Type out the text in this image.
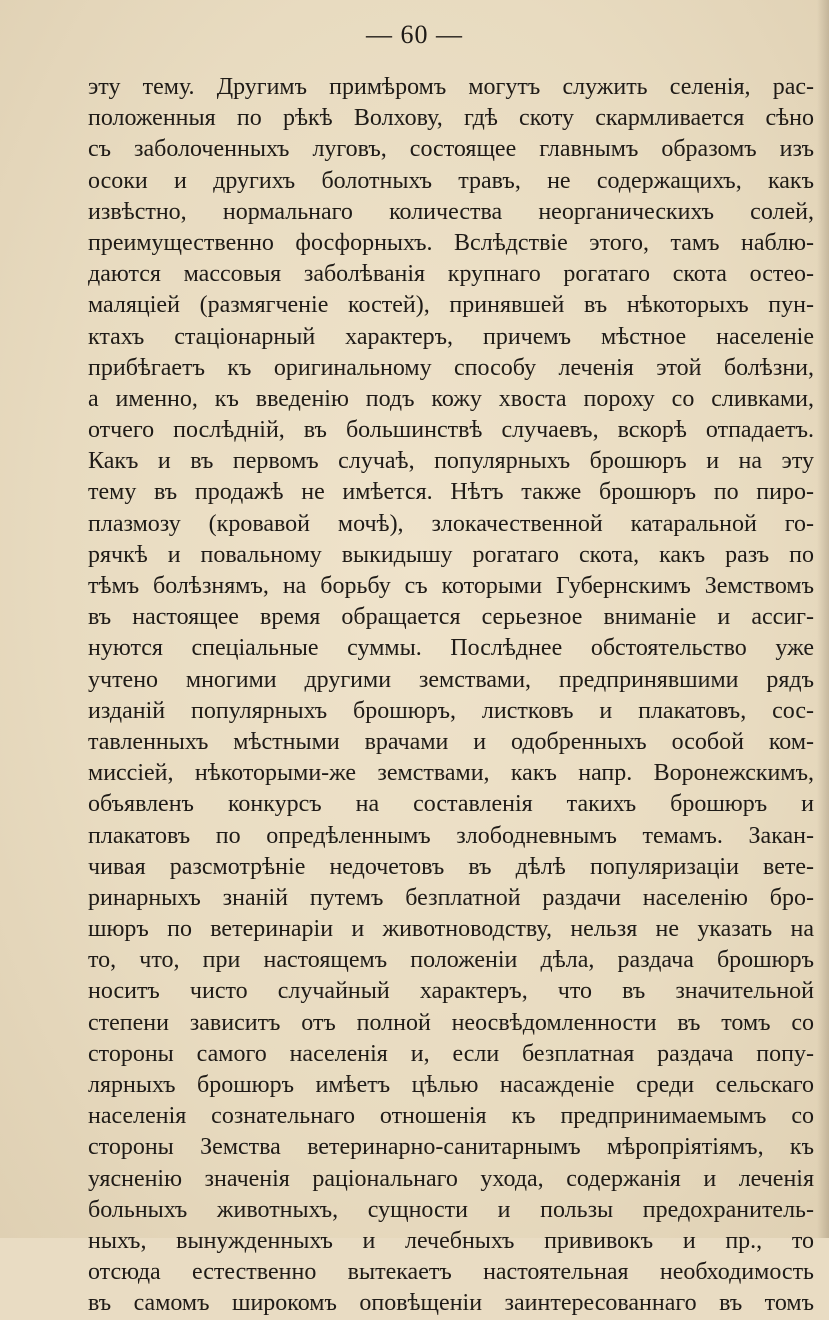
— 60 —
эту тему. Другимъ примѣромъ могутъ служить селенія, рас-
положенныя по рѣкѣ Волхову, гдѣ скоту скармливается сѣно
съ заболоченныхъ луговъ, состоящее главнымъ образомъ изъ
осоки и другихъ болотныхъ травъ, не содержащихъ, какъ
извѣстно, нормальнаго количества неорганическихъ солей,
преимущественно фосфорныхъ. Вслѣдствіе этого, тамъ наблю-
даются массовыя заболѣванія крупнаго рогатаго скота остео-
маляціей (размягченіе костей), принявшей въ нѣкоторыхъ пун-
ктахъ стаціонарный характеръ, причемъ мѣстное населеніе
прибѣгаетъ къ оригинальному способу леченія этой болѣзни,
а именно, къ введенію подъ кожу хвоста пороху со сливками,
отчего послѣдній, въ большинствѣ случаевъ, вскорѣ отпадаетъ.
Какъ и въ первомъ случаѣ, популярныхъ брошюръ и на эту
тему въ продажѣ не имѣется. Нѣтъ также брошюръ по пиро-
плазмозу (кровавой мочѣ), злокачественной катаральной го-
рячкѣ и повальному выкидышу рогатаго скота, какъ разъ по
тѣмъ болѣзнямъ, на борьбу съ которыми Губернскимъ Земствомъ
въ настоящее время обращается серьезное вниманіе и ассиг-
нуются спеціальные суммы. Послѣднее обстоятельство уже
учтено многими другими земствами, предпринявшими рядъ
изданій популярныхъ брошюръ, листковъ и плакатовъ, сос-
тавленныхъ мѣстными врачами и одобренныхъ особой ком-
миссіей, нѣкоторыми-же земствами, какъ напр. Воронежскимъ,
объявленъ конкурсъ на составленія такихъ брошюръ и
плакатовъ по опредѣленнымъ злободневнымъ темамъ. Закан-
чивая разсмотрѣніе недочетовъ въ дѣлѣ популяризаціи вете-
ринарныхъ знаній путемъ безплатной раздачи населенію бро-
шюръ по ветеринаріи и животноводству, нельзя не указать на
то, что, при настоящемъ положеніи дѣла, раздача брошюръ
носитъ чисто случайный характеръ, что въ значительной
степени зависитъ отъ полной неосвѣдомленности въ томъ со
стороны самого населенія и, если безплатная раздача попу-
лярныхъ брошюръ имѣетъ цѣлью насажденіе среди сельскаго
населенія сознательнаго отношенія къ предпринимаемымъ со
стороны Земства ветеринарно-санитарнымъ мѣропріятіямъ, къ
уясненію значенія раціональнаго ухода, содержанія и леченія
больныхъ животныхъ, сущности и пользы предохранитель-
ныхъ, вынужденныхъ и лечебныхъ прививокъ и пр., то
отсюда естественно вытекаетъ настоятельная необходимость
въ самомъ широкомъ оповѣщеніи заинтересованнаго въ томъ
